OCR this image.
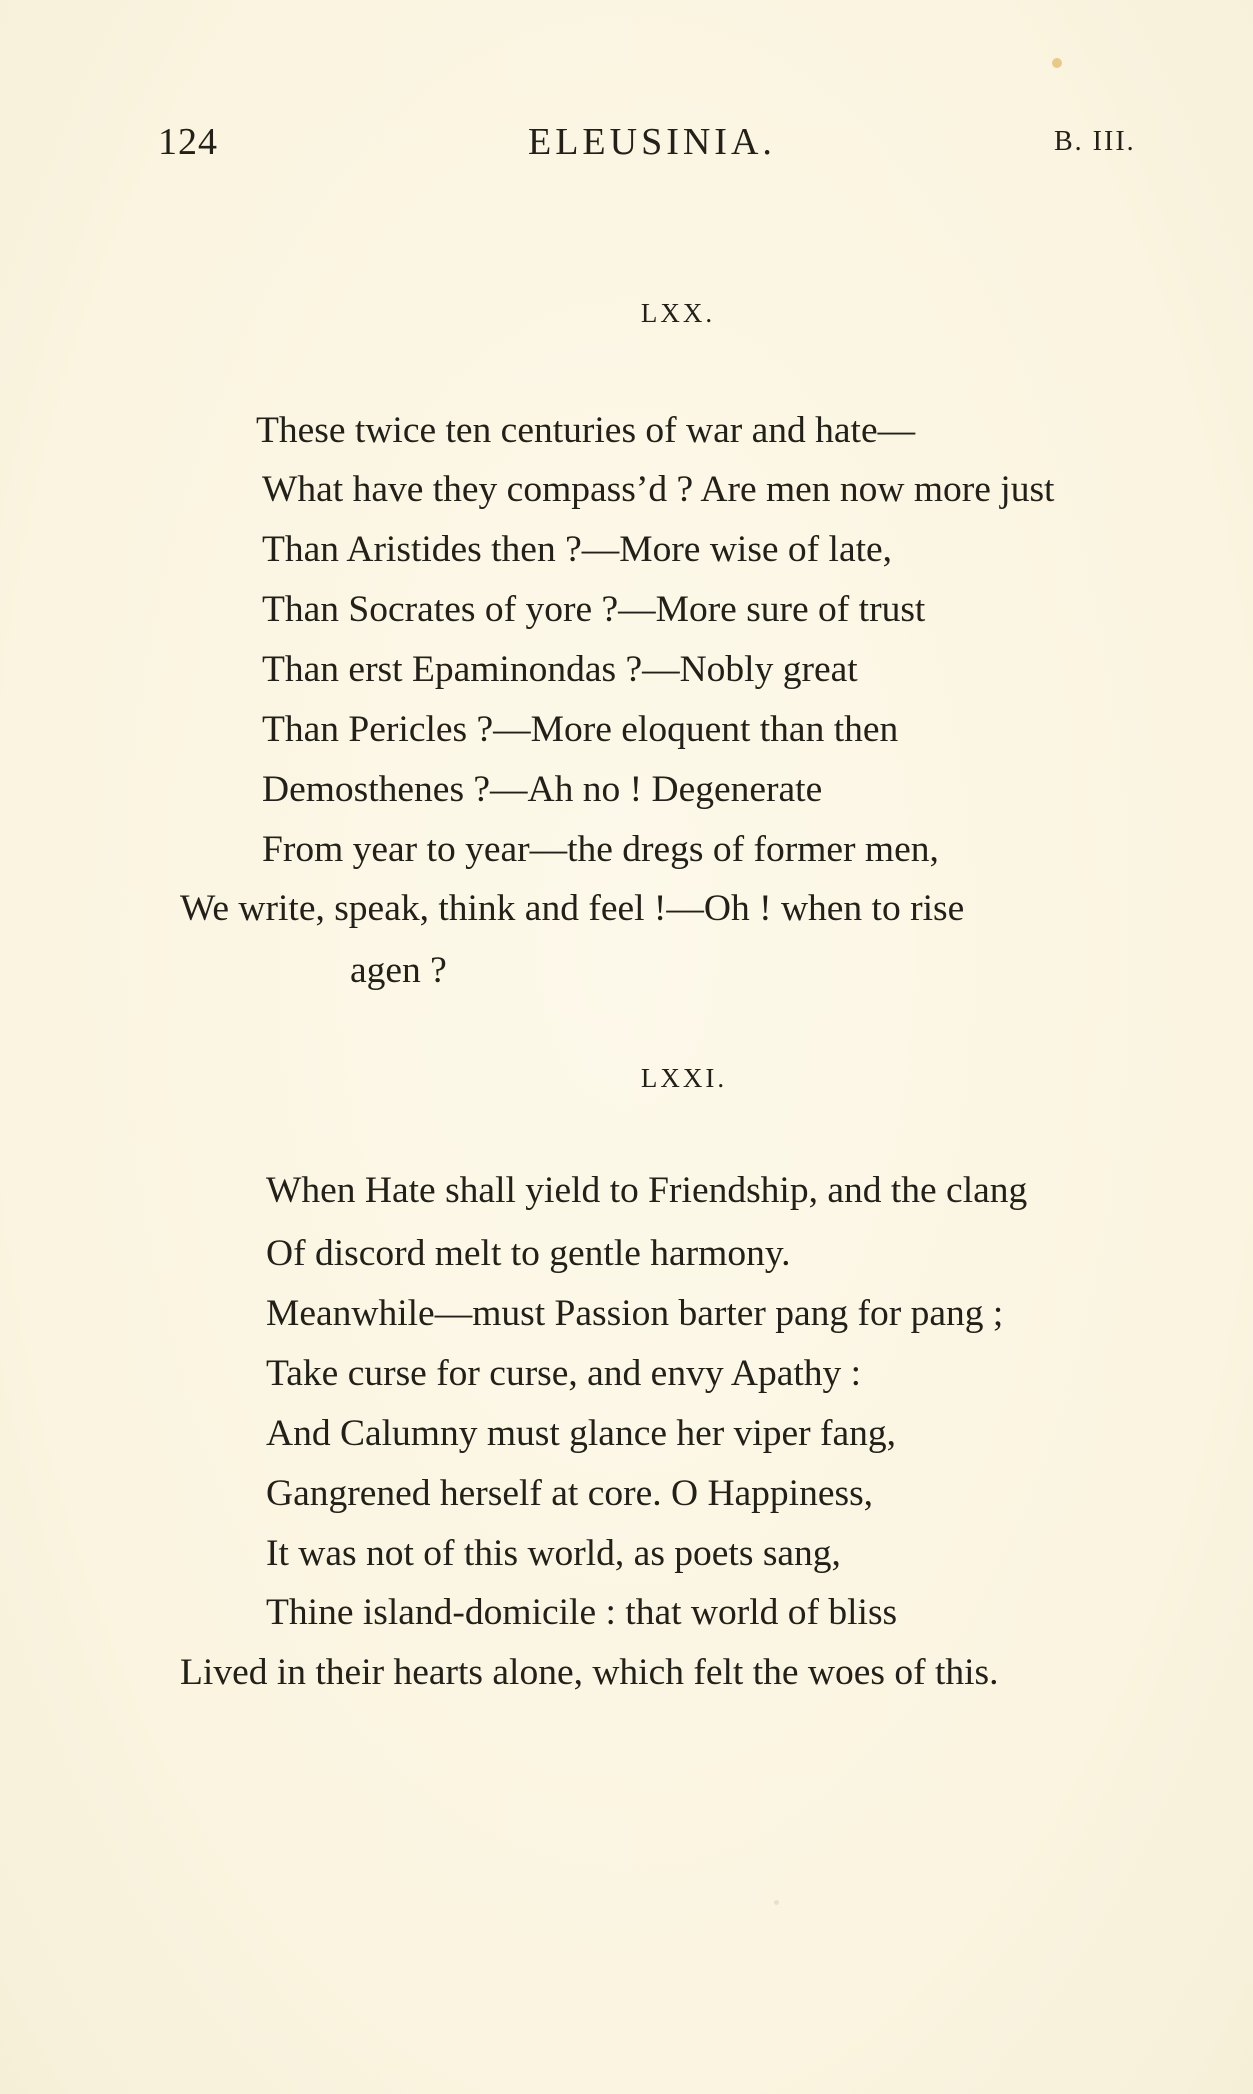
124	ELEUSINIA.	B. III.
LXX.
These twice ten centuries of war and hate—
What have they compass’d ? Are men now more just
Than Aristides then ?—More wise of late,
Than Socrates of yore ?—More sure of trust
Than erst Epaminondas ?—Nobly great
Than Pericles ?—More eloquent than then
Demosthenes ?—Ah no ! Degenerate
From year to year—the dregs of former men,
We write, speak, think and feel !—Oh ! when to rise
agen ?
LXXI.
When Hate shall yield to Friendship, and the clang
Of discord melt to gentle harmony.
Meanwhile—must Passion barter pang for pang ;
Take curse for curse, and envy Apathy :
And Calumny must glance her viper fang,
Gangrened herself at core. O Happiness,
It was not of this world, as poets sang,
Thine island-domicile : that world of bliss
Lived in their hearts alone, which felt the woes of this.
